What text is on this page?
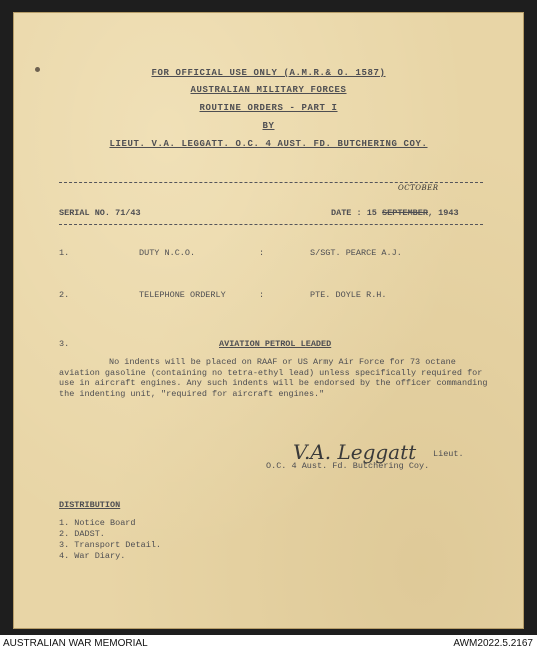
FOR OFFICIAL USE ONLY (A.M.R.& O. 1587)
AUSTRALIAN MILITARY FORCES
ROUTINE ORDERS - PART I
BY
LIEUT. V.A. LEGGATT. O.C. 4 AUST. FD. BUTCHERING COY.
SERIAL NO. 71/43	DATE : 15 SEPTEMBER, 1943
OCTOBER
1.	DUTY N.C.O.	:	S/SGT. PEARCE A.J.
2.	TELEPHONE ORDERLY	:	PTE. DOYLE R.H.
3.	AVIATION PETROL LEADED
No indents will be placed on RAAF or US Army Air Force for 73 octane aviation gasoline (containing no tetra-ethyl lead) unless specifically required for use in aircraft engines. Any such indents will be endorsed by the officer commanding the indenting unit, "required for aircraft engines."
V.A. Leggatt Lieut.
O.C. 4 Aust. Fd. Butchering Coy.
DISTRIBUTION
1. Notice Board
2. DADST.
3. Transport Detail.
4. War Diary.
AUSTRALIAN WAR MEMORIAL	AWM2022.5.2167
